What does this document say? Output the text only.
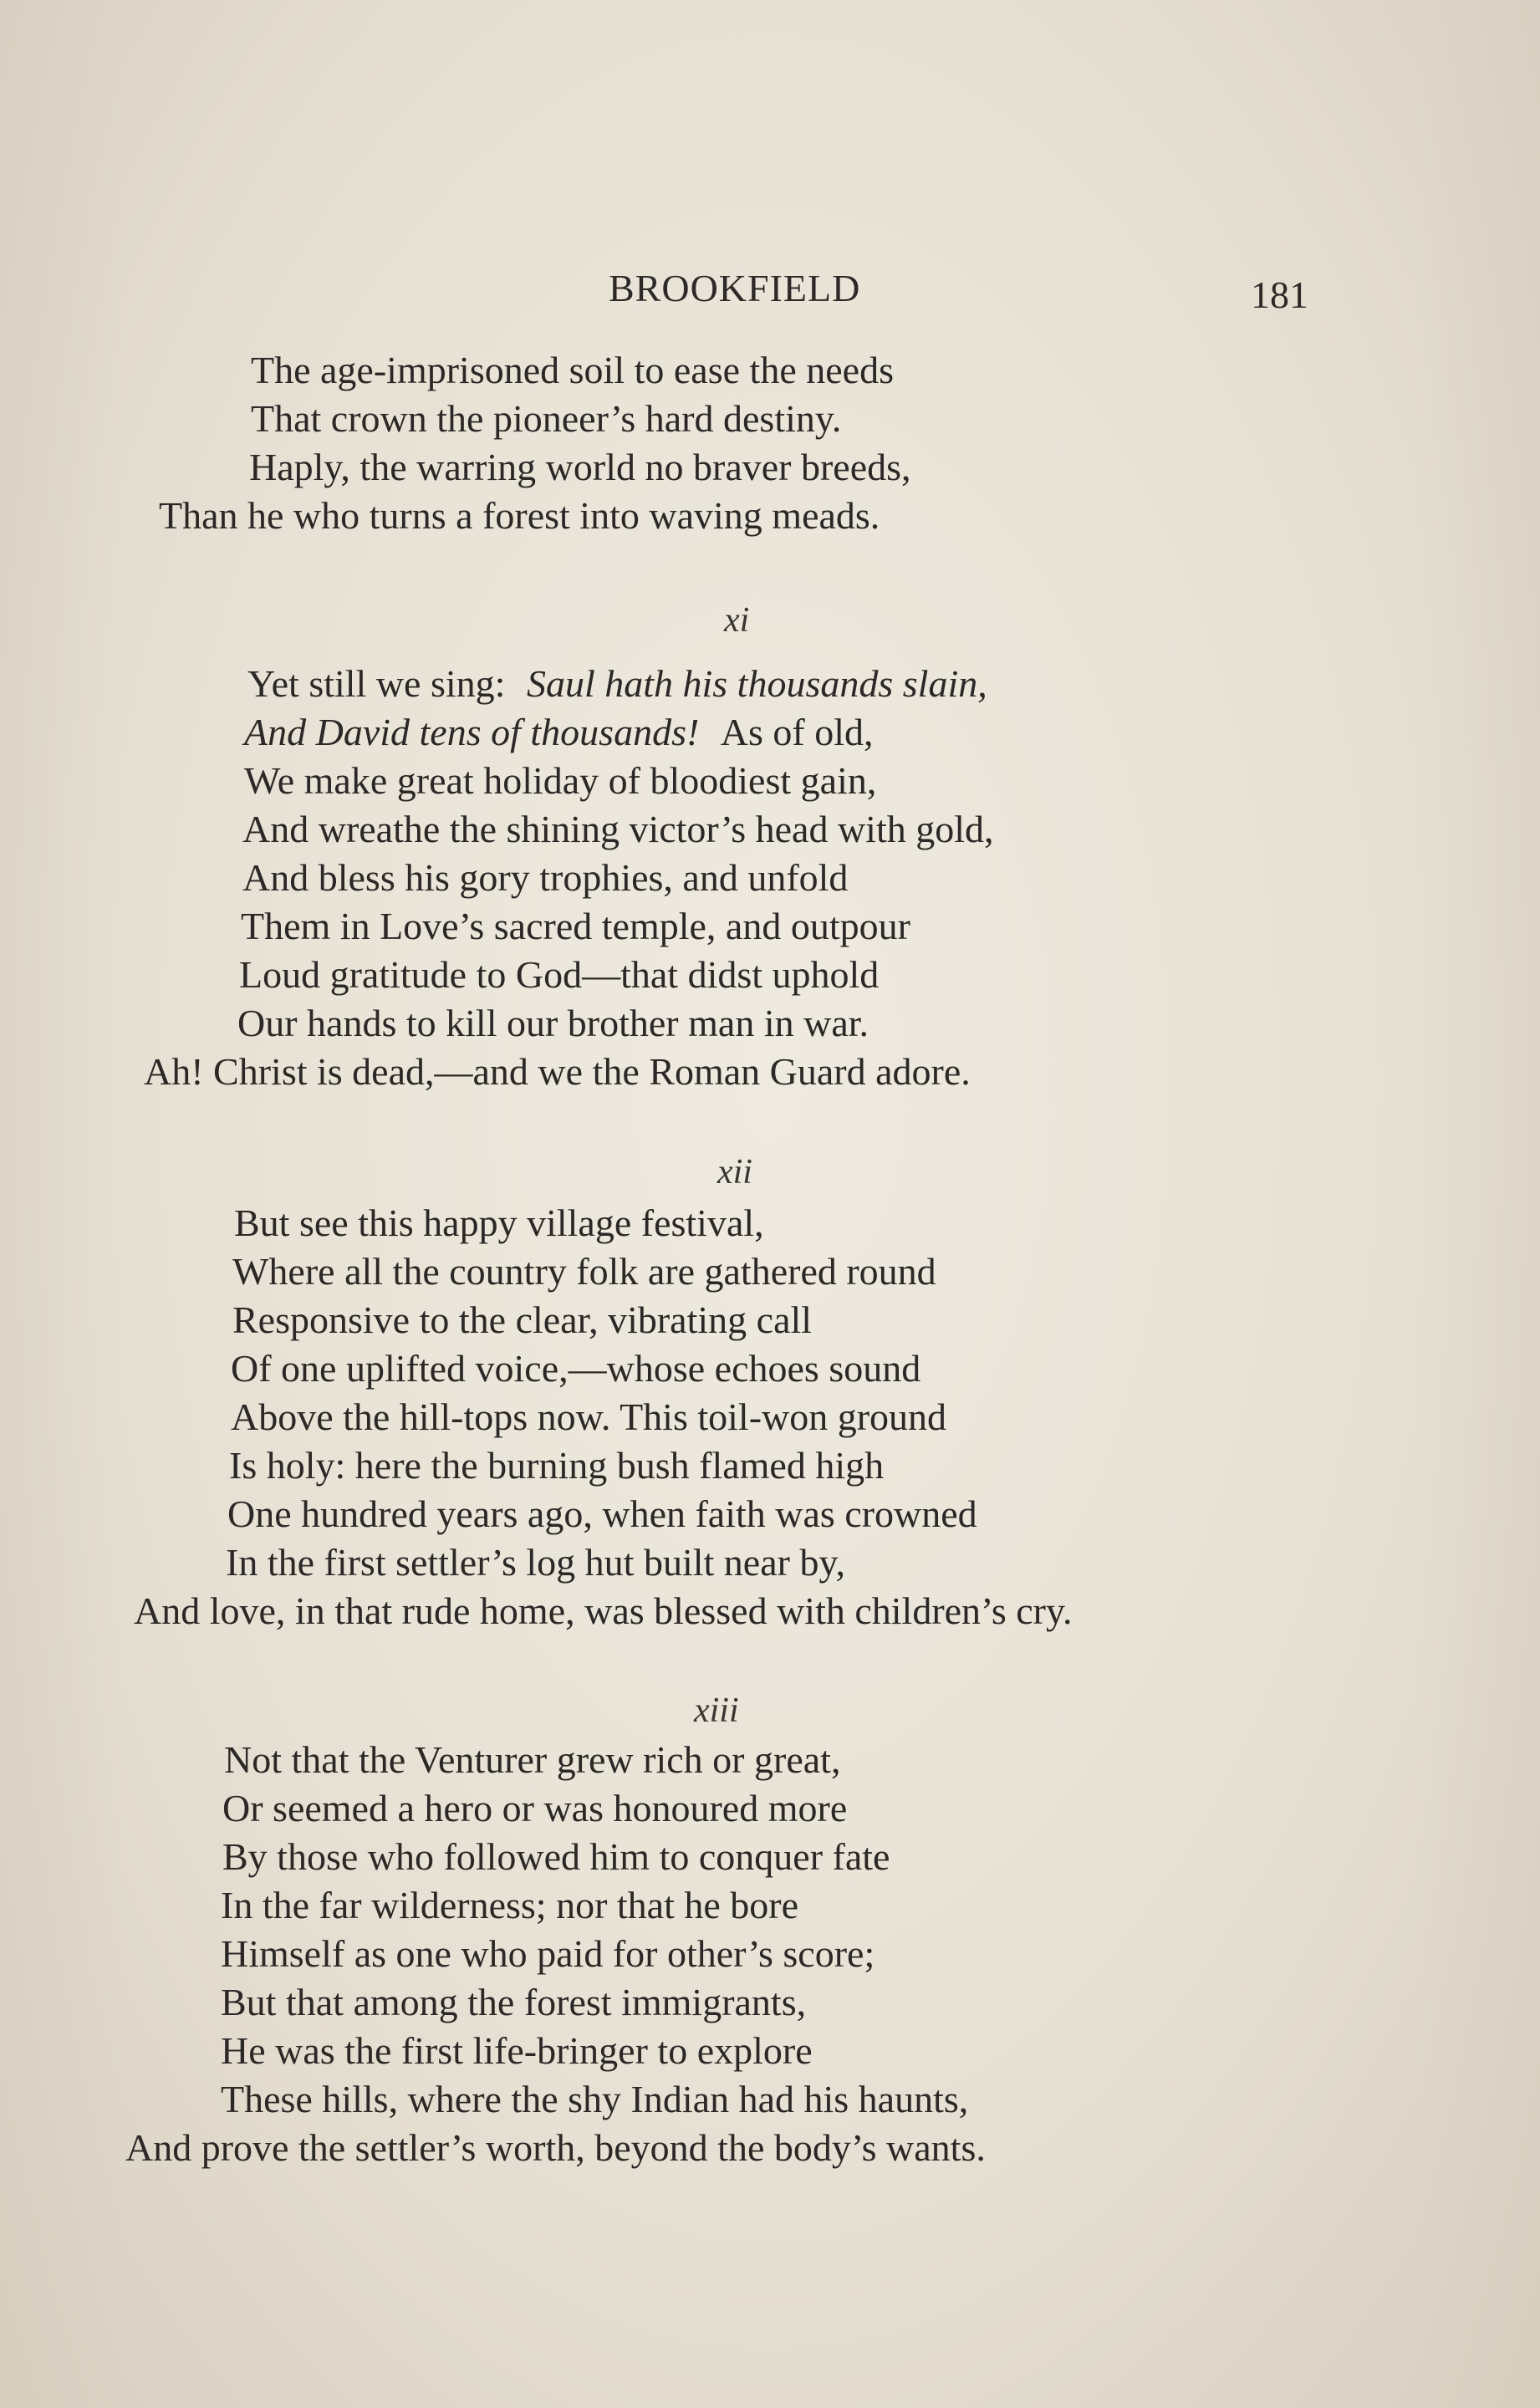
BROOKFIELD	181
The age-imprisoned soil to ease the needs
That crown the pioneer’s hard destiny.
Haply, the warring world no braver breeds,
Than he who turns a forest into waving meads.
xi
Yet still we sing: Saul hath his thousands slain,
And David tens of thousands! As of old,
We make great holiday of bloodiest gain,
And wreathe the shining victor’s head with gold,
And bless his gory trophies, and unfold
Them in Love’s sacred temple, and outpour
Loud gratitude to God—that didst uphold
Our hands to kill our brother man in war.
Ah! Christ is dead,—and we the Roman Guard adore.
xii
But see this happy village festival,
Where all the country folk are gathered round
Responsive to the clear, vibrating call
Of one uplifted voice,—whose echoes sound
Above the hill-tops now. This toil-won ground
Is holy: here the burning bush flamed high
One hundred years ago, when faith was crowned
In the first settler’s log hut built near by,
And love, in that rude home, was blessed with children’s cry.
xiii
Not that the Venturer grew rich or great,
Or seemed a hero or was honoured more
By those who followed him to conquer fate
In the far wilderness; nor that he bore
Himself as one who paid for other’s score;
But that among the forest immigrants,
He was the first life-bringer to explore
These hills, where the shy Indian had his haunts,
And prove the settler’s worth, beyond the body’s wants.
